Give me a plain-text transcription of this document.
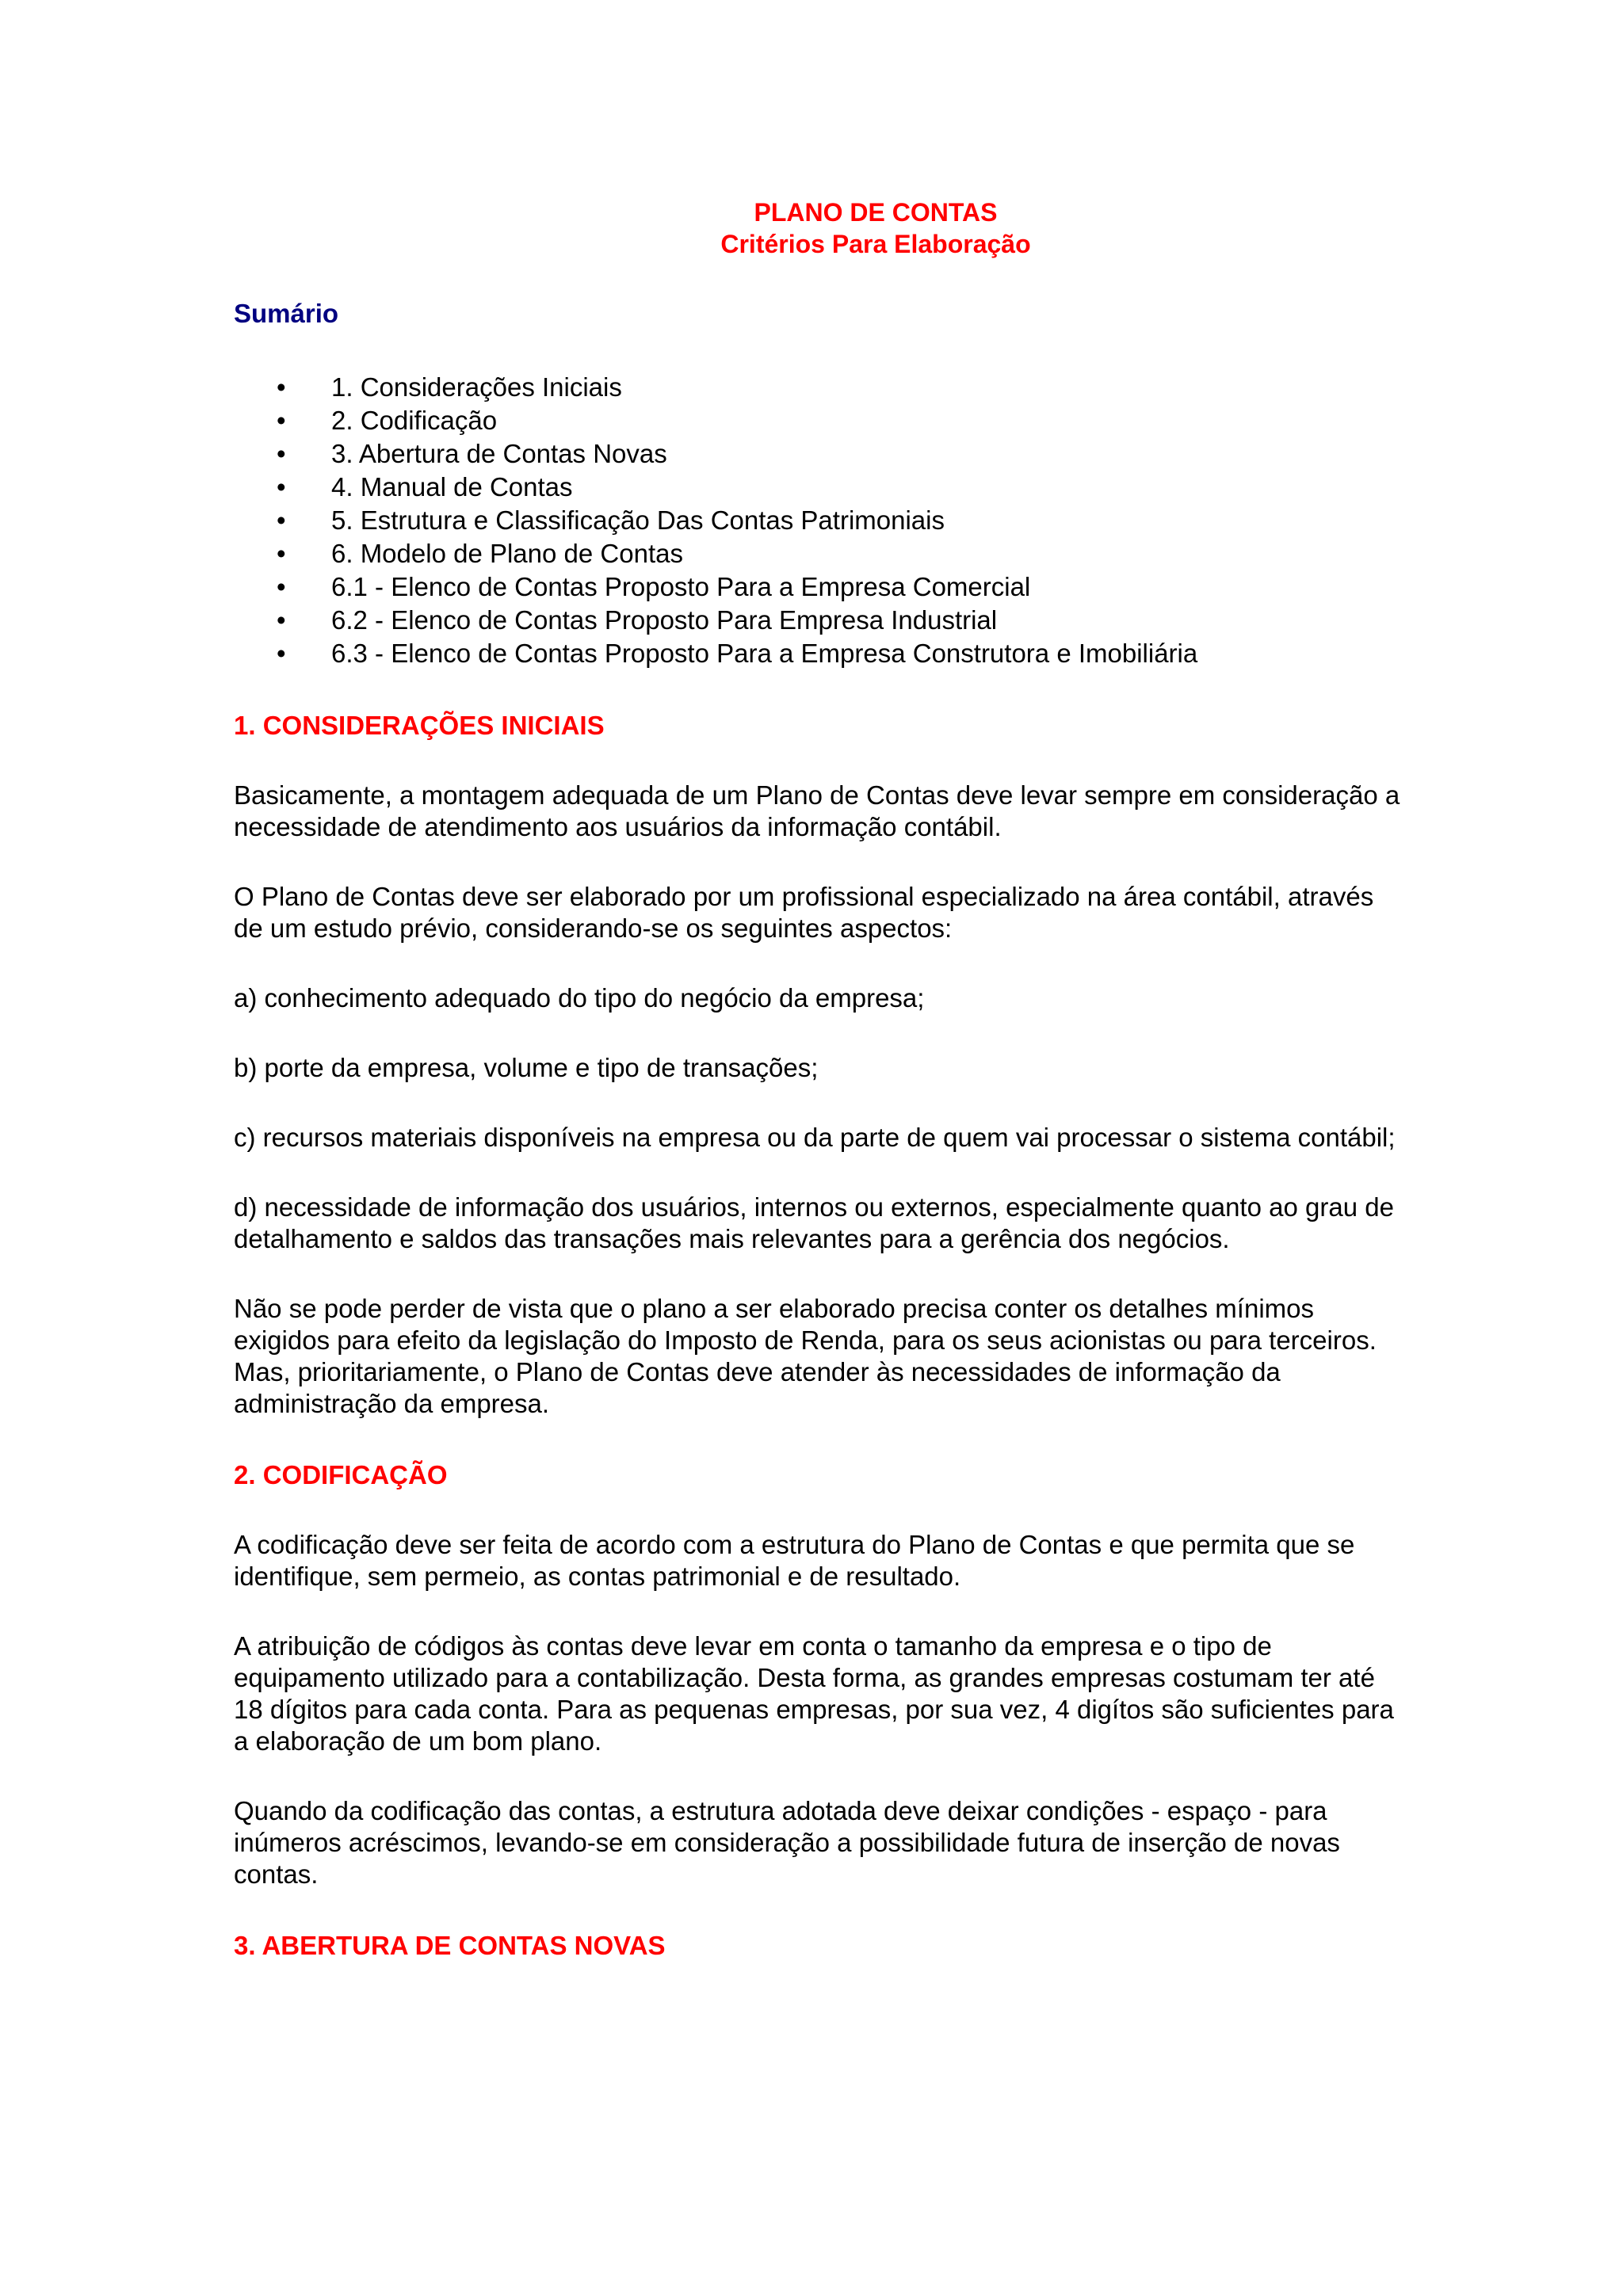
PLANO DE CONTAS
Critérios Para Elaboração
Sumário
• 1. Considerações Iniciais
• 2. Codificação
• 3. Abertura de Contas Novas
• 4. Manual de Contas
• 5. Estrutura e Classificação Das Contas Patrimoniais
• 6. Modelo de Plano de Contas
• 6.1 - Elenco de Contas Proposto Para a Empresa Comercial
• 6.2 - Elenco de Contas Proposto Para Empresa Industrial
• 6.3 - Elenco de Contas Proposto Para a Empresa Construtora e Imobiliária
1. CONSIDERAÇÕES INICIAIS

Basicamente, a montagem adequada de um Plano de Contas deve levar sempre em consideração a necessidade de atendimento aos usuários da informação contábil.

O Plano de Contas deve ser elaborado por um profissional especializado na área contábil, através de um estudo prévio, considerando-se os seguintes aspectos:

a) conhecimento adequado do tipo do negócio da empresa;

b) porte da empresa, volume e tipo de transações;

c) recursos materiais disponíveis na empresa ou da parte de quem vai processar o sistema contábil;

d) necessidade de informação dos usuários, internos ou externos, especialmente quanto ao grau de detalhamento e saldos das transações mais relevantes para a gerência dos negócios.

Não se pode perder de vista que o plano a ser elaborado precisa conter os detalhes mínimos exigidos para efeito da legislação do Imposto de Renda, para os seus acionistas ou para terceiros. Mas, prioritariamente, o Plano de Contas deve atender às necessidades de informação da administração da empresa.

2. CODIFICAÇÃO

A codificação deve ser feita de acordo com a estrutura do Plano de Contas e que permita que se identifique, sem permeio, as contas patrimonial e de resultado.

A atribuição de códigos às contas deve levar em conta o tamanho da empresa e o tipo de equipamento utilizado para a contabilização. Desta forma, as grandes empresas costumam ter até 18 dígitos para cada conta. Para as pequenas empresas, por sua vez, 4 digítos são suficientes para a elaboração de um bom plano.

Quando da codificação das contas, a estrutura adotada deve deixar condições - espaço - para inúmeros acréscimos, levando-se em consideração a possibilidade futura de inserção de novas contas.

3. ABERTURA DE CONTAS NOVAS
